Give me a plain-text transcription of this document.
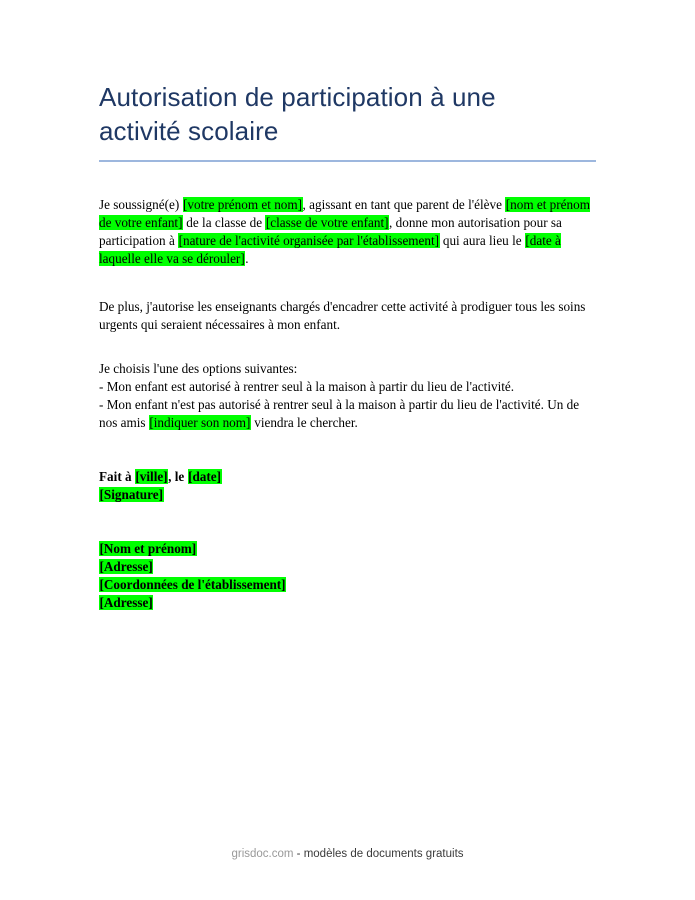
Autorisation de participation à une
activité scolaire

Je soussigné(e) [votre prénom et nom], agissant en tant que parent de l'élève [nom et prénom de votre enfant] de la classe de [classe de votre enfant], donne mon autorisation pour sa participation à [nature de l'activité organisée par l'établissement] qui aura lieu le [date à laquelle elle va se dérouler].

De plus, j'autorise les enseignants chargés d'encadrer cette activité à prodiguer tous les soins urgents qui seraient nécessaires à mon enfant.

Je choisis l'une des options suivantes:
- Mon enfant est autorisé à rentrer seul à la maison à partir du lieu de l'activité.
- Mon enfant n'est pas autorisé à rentrer seul à la maison à partir du lieu de l'activité. Un de nos amis [indiquer son nom] viendra le chercher.
Fait à [ville], le [date]
[Signature]
[Nom et prénom]
[Adresse]
[Coordonnées de l'établissement]
[Adresse]
grisdoc.com - modèles de documents gratuits
